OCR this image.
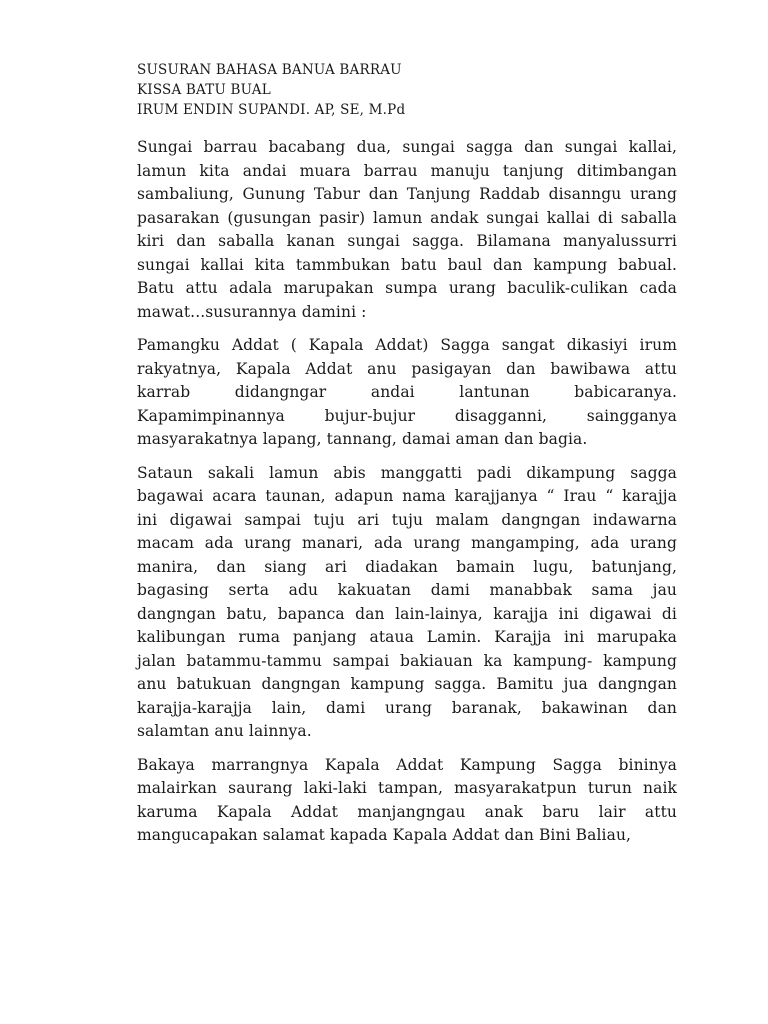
SUSURAN BAHASA BANUA BARRAU

KISSA BATU BUAL

IRUM ENDIN SUPANDI. AP, SE, M.Pd

Sungai barrau bacabang dua, sungai sagga dan sungai kallai,
lamun kita andai muara barrau manuju tanjung ditimbangan
sambaliung, Gunung Tabur dan Tanjung Raddab disanngu urang
pasarakan (gusungan pasir) lamun andak sungai kallai di saballa
kiri dan saballa kanan sungai sagga. Bilamana manyalussurri
sungai kallai kita tammbukan batu baul dan kampung babual.
Batu attu adala marupakan sumpa urang baculik-culikan cada
mawat...susurannya damini :

Pamangku Addat ( Kapala Addat) Sagga sangat dikasiyi irum
rakyatnya, Kapala Addat anu pasigayan dan bawibawa attu
karrab didangngar andai lantunan babicaranya.
Kapamimpinannya bujur-bujur disagganni, saingganya
masyarakatnya lapang, tannang, damai aman dan bagia.

Sataun sakali lamun abis manggatti padi dikampung sagga
bagawai acara taunan, adapun nama karajjanya “ Irau “ karajja
ini digawai sampai tuju ari tuju malam dangngan indawarna
macam ada urang manari, ada urang mangamping, ada urang
manira, dan siang ari diadakan bamain lugu, batunjang,
bagasing serta adu kakuatan dami manabbak sama jau
dangngan batu, bapanca dan lain-lainya, karajja ini digawai di
kalibungan ruma panjang ataua Lamin. Karajja ini marupaka
jalan batammu-tammu sampai bakiauan ka kampung- kampung
anu batukuan dangngan kampung sagga. Bamitu jua dangngan
karajja-karajja lain, dami urang baranak, bakawinan dan
salamtan anu lainnya.

Bakaya marrangnya Kapala Addat Kampung Sagga bininya
malairkan saurang laki-laki tampan, masyarakatpun turun naik
karuma Kapala Addat manjangngau anak baru lair attu
mangucapakan salamat kapada Kapala Addat dan Bini Baliau,
